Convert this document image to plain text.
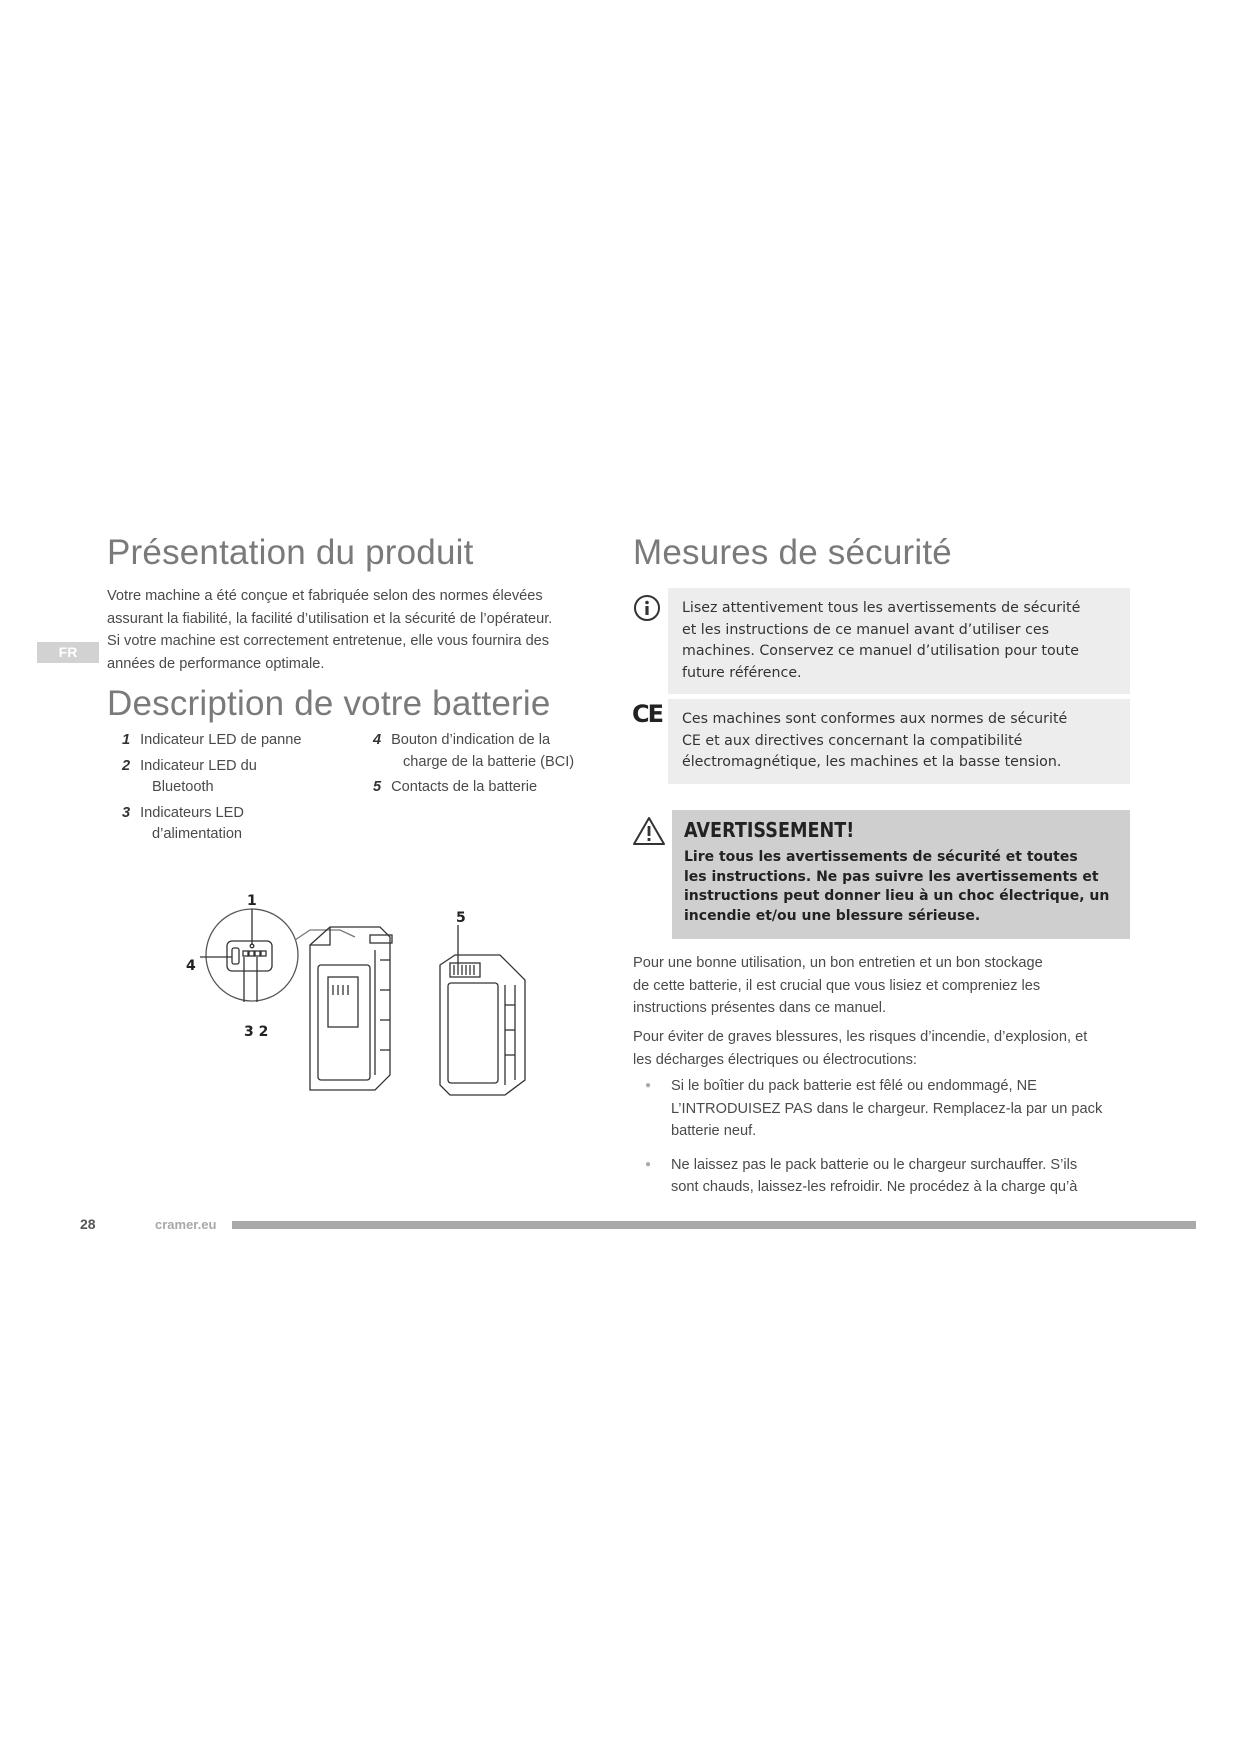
FR
Présentation du produit
Votre machine a été conçue et fabriquée selon des normes élevées
assurant la fiabilité, la facilité d’utilisation et la sécurité de l’opérateur.
Si votre machine est correctement entretenue, elle vous fournira des
années de performance optimale.
Description de votre batterie
1 Indicateur LED de panne
2 Indicateur LED du
Bluetooth
3 Indicateurs LED
d’alimentation
4 Bouton d’indication de la
charge de la batterie (BCI)
5 Contacts de la batterie
1
4
3 2
5
Mesures de sécurité
Lisez attentivement tous les avertissements de sécurité
et les instructions de ce manuel avant d’utiliser ces
machines. Conservez ce manuel d’utilisation pour toute
future référence.
CE Ces machines sont conformes aux normes de sécurité
CE et aux directives concernant la compatibilité
électromagnétique, les machines et la basse tension.
AVERTISSEMENT!
Lire tous les avertissements de sécurité et toutes
les instructions. Ne pas suivre les avertissements et
instructions peut donner lieu à un choc électrique, un
incendie et/ou une blessure sérieuse.
Pour une bonne utilisation, un bon entretien et un bon stockage
de cette batterie, il est crucial que vous lisiez et compreniez les
instructions présentes dans ce manuel.
Pour éviter de graves blessures, les risques d’incendie, d’explosion, et
les décharges électriques ou électrocutions:
●	Si le boîtier du pack batterie est fêlé ou endommagé, NE
L’INTRODUISEZ PAS dans le chargeur. Remplacez-la par un pack
batterie neuf.
●	Ne laissez pas le pack batterie ou le chargeur surchauffer. S’ils
sont chauds, laissez-les refroidir. Ne procédez à la charge qu’à
28	cramer.eu
